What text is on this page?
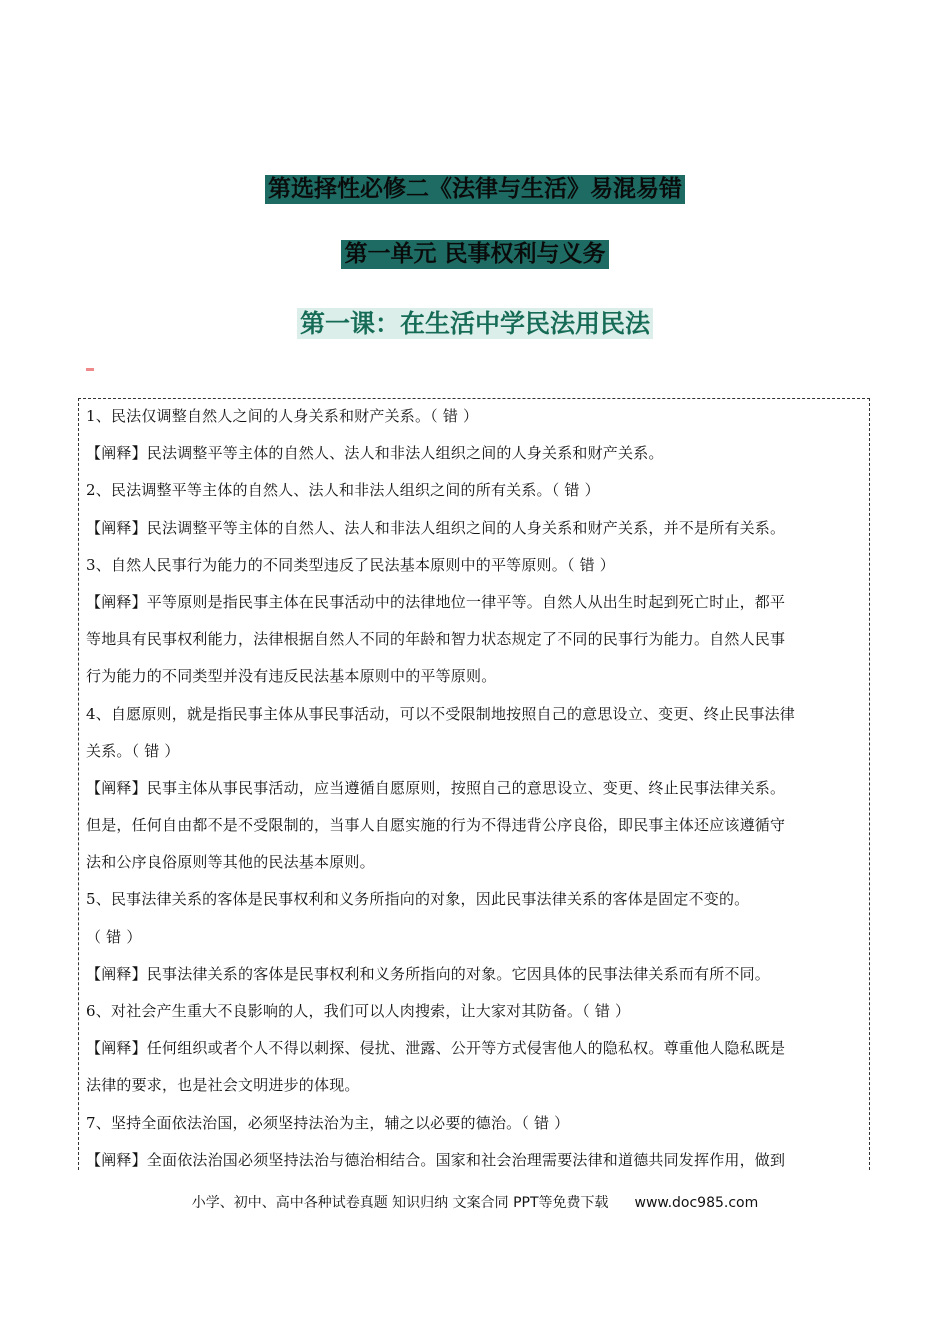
第选择性必修二《法律与生活》易混易错
第一单元 民事权利与义务
第一课：在生活中学民法用民法
1、民法仅调整自然人之间的人身关系和财产关系。（ 错 ）
【阐释】民法调整平等主体的自然人、法人和非法人组织之间的人身关系和财产关系。
2、民法调整平等主体的自然人、法人和非法人组织之间的所有关系。（ 错 ）
【阐释】民法调整平等主体的自然人、法人和非法人组织之间的人身关系和财产关系，并不是所有关系。
3、自然人民事行为能力的不同类型违反了民法基本原则中的平等原则。（ 错 ）
【阐释】平等原则是指民事主体在民事活动中的法律地位一律平等。自然人从出生时起到死亡时止，都平
等地具有民事权利能力，法律根据自然人不同的年龄和智力状态规定了不同的民事行为能力。自然人民事
行为能力的不同类型并没有违反民法基本原则中的平等原则。
4、自愿原则，就是指民事主体从事民事活动，可以不受限制地按照自己的意思设立、变更、终止民事法律
关系。（ 错 ）
【阐释】民事主体从事民事活动，应当遵循自愿原则，按照自己的意思设立、变更、终止民事法律关系。
但是，任何自由都不是不受限制的，当事人自愿实施的行为不得违背公序良俗，即民事主体还应该遵循守
法和公序良俗原则等其他的民法基本原则。
5、民事法律关系的客体是民事权利和义务所指向的对象，因此民事法律关系的客体是固定不变的。
（ 错 ）
【阐释】民事法律关系的客体是民事权利和义务所指向的对象。它因具体的民事法律关系而有所不同。
6、对社会产生重大不良影响的人，我们可以人肉搜索，让大家对其防备。（ 错 ）
【阐释】任何组织或者个人不得以刺探、侵扰、泄露、公开等方式侵害他人的隐私权。尊重他人隐私既是
法律的要求，也是社会文明进步的体现。
7、坚持全面依法治国，必须坚持法治为主，辅之以必要的德治。（ 错 ）
【阐释】全面依法治国必须坚持法治与德治相结合。国家和社会治理需要法律和道德共同发挥作用，做到
小学、初中、高中各种试卷真题 知识归纳 文案合同 PPT等免费下载 www.doc985.com
